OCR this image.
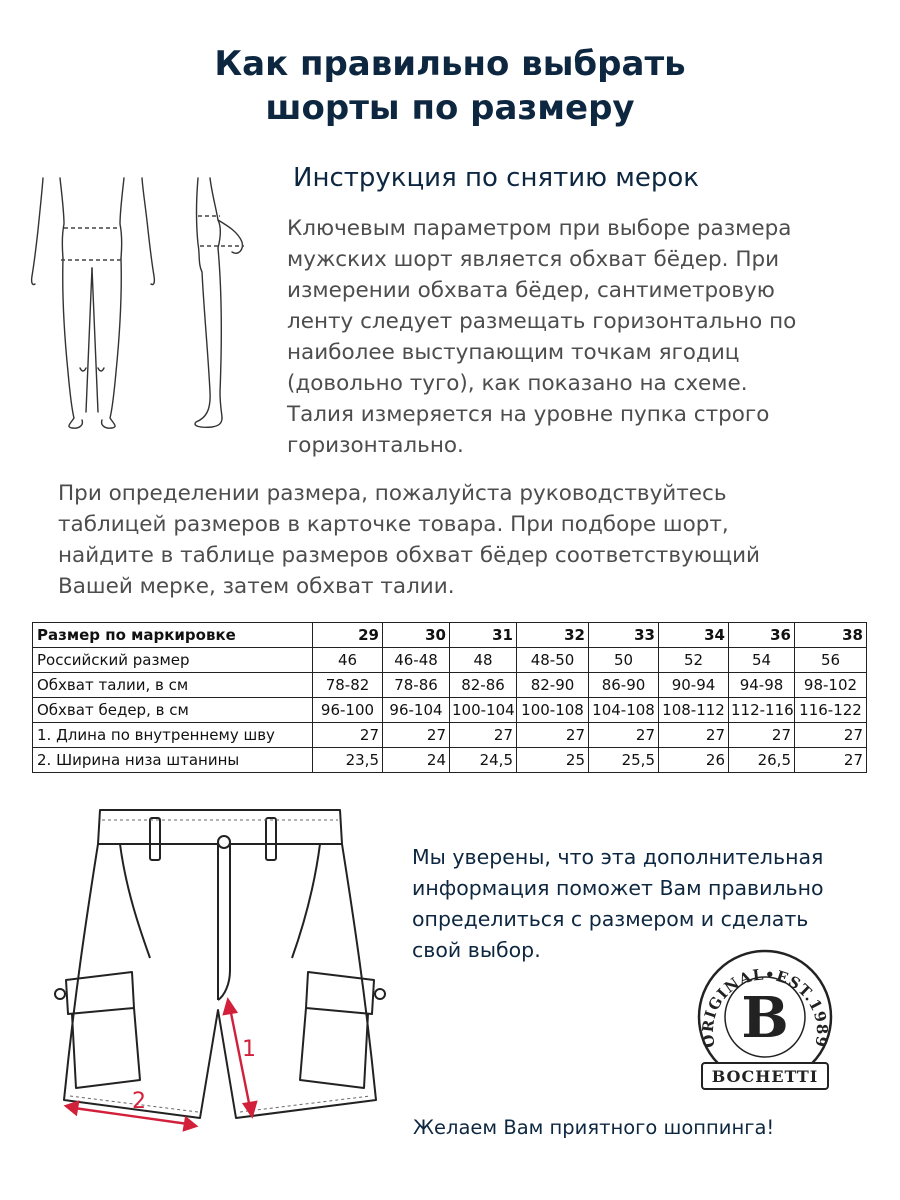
Как правильно выбрать
шорты по размеру
Инструкция по снятию мерок
Ключевым параметром при выборе размера
мужских шорт является обхват бёдер. При
измерении обхвата бёдер, сантиметровую
ленту следует размещать горизонтально по
наиболее выступающим точкам ягодиц
(довольно туго), как показано на схеме.
Талия измеряется на уровне пупка строго
горизонтально.
При определении размера, пожалуйста руководствуйтесь
таблицей размеров в карточке товара. При подборе шорт,
найдите в таблице размеров обхват бёдер соответствующий
Вашей мерке, затем обхват талии.
Размер по маркировке	29	30	31	32	33	34	36	38
Российский размер	46	46-48	48	48-50	50	52	54	56
Обхват талии, в см	78-82	78-86	82-86	82-90	86-90	90-94	94-98	98-102
Обхват бедер, в см	96-100	96-104	100-104	100-108	104-108	108-112	112-116	116-122
1. Длина по внутреннему шву	27	27	27	27	27	27	27	27
2. Ширина низа штанины	23,5	24	24,5	25	25,5	26	26,5	27
1
2
Мы уверены, что эта дополнительная
информация поможет Вам правильно
определиться с размером и сделать
свой выбор.
ORIGINAL•EST.1989
B
BOCHETTI
Желаем Вам приятного шоппинга!
